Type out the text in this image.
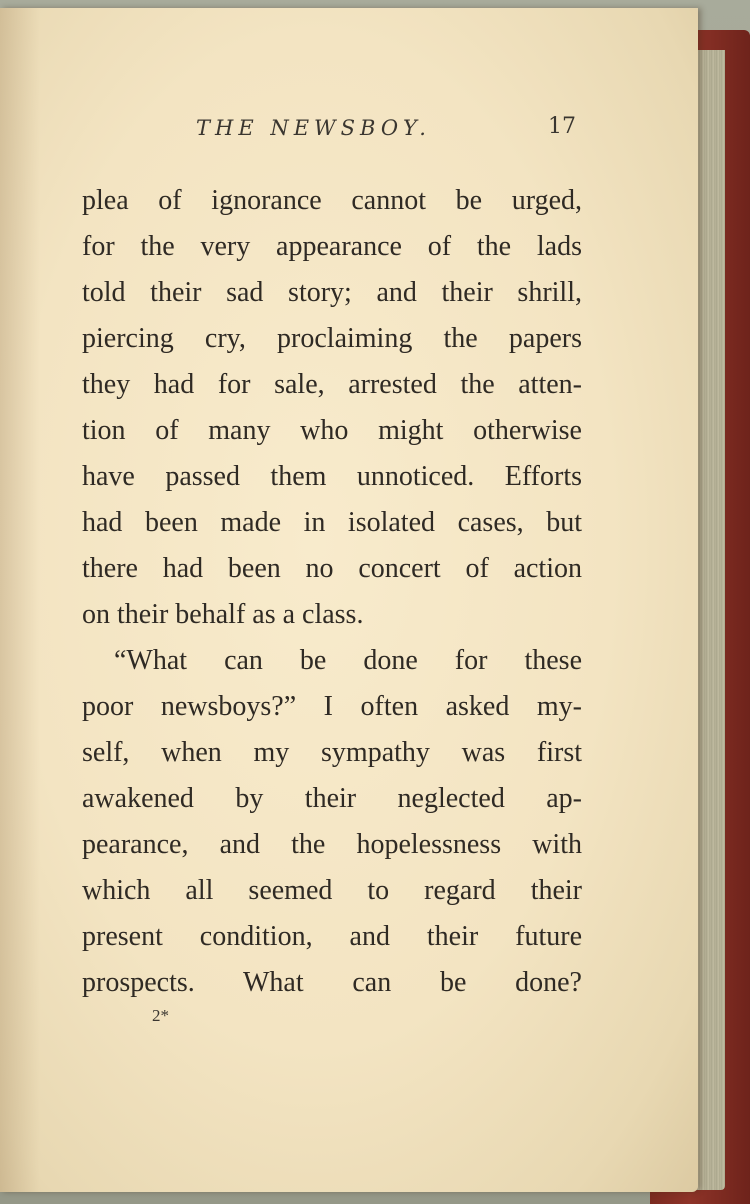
THE NEWSBOY.	17
plea of ignorance cannot be urged,
for the very appearance of the lads
told their sad story; and their shrill,
piercing cry, proclaiming the papers
they had for sale, arrested the atten-
tion of many who might otherwise
have passed them unnoticed. Efforts
had been made in isolated cases, but
there had been no concert of action
on their behalf as a class.
“What can be done for these
poor newsboys?” I often asked my-
self, when my sympathy was first
awakened by their neglected ap-
pearance, and the hopelessness with
which all seemed to regard their
present condition, and their future
prospects. What can be done?
2*
